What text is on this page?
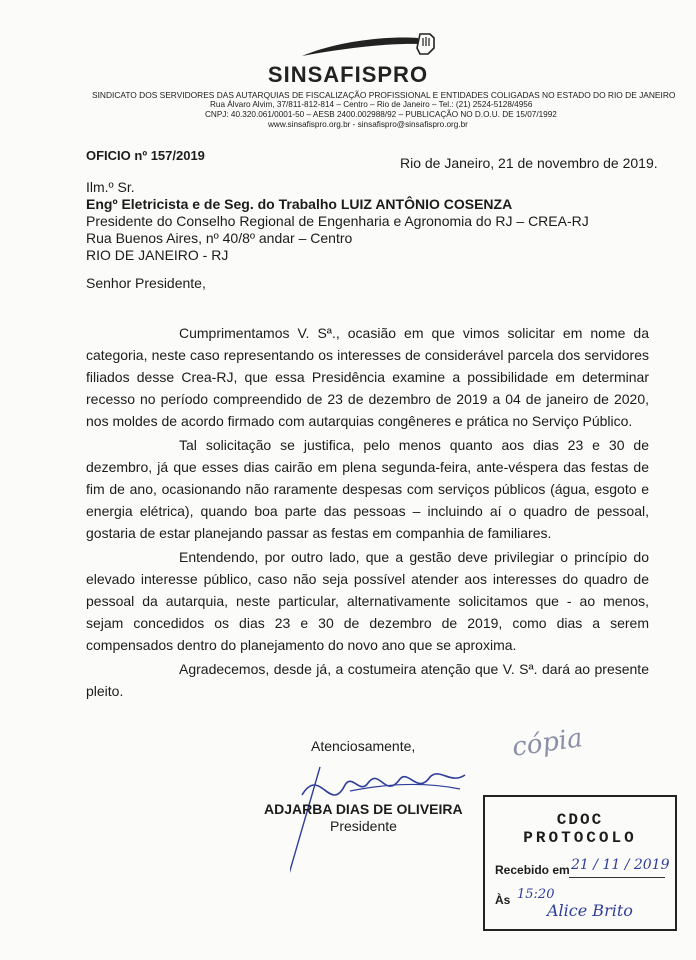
SINSAFISPRO
SINDICATO DOS SERVIDORES DAS AUTARQUIAS DE FISCALIZAÇÃO PROFISSIONAL E ENTIDADES COLIGADAS NO ESTADO DO RIO DE JANEIRO
Rua Álvaro Alvim, 37/811-812-814 – Centro – Rio de Janeiro – Tel.: (21) 2524-5128/4956
CNPJ: 40.320.061/0001-50 – AESB 2400.002988/92 – PUBLICAÇÃO NO D.O.U. DE 15/07/1992
www.sinsafispro.org.br - sinsafispro@sinsafispro.org.br
OFICIO nº 157/2019	Rio de Janeiro, 21 de novembro de 2019.
Ilm.º Sr.
Engº Eletricista e de Seg. do Trabalho LUIZ ANTÔNIO COSENZA
Presidente do Conselho Regional de Engenharia e Agronomia do RJ – CREA-RJ
Rua Buenos Aires, nº 40/8º andar – Centro
RIO DE JANEIRO - RJ
Senhor Presidente,

Cumprimentamos V. Sª., ocasião em que vimos solicitar em nome da categoria, neste caso representando os interesses de considerável parcela dos servidores filiados desse Crea-RJ, que essa Presidência examine a possibilidade em determinar recesso no período compreendido de 23 de dezembro de 2019 a 04 de janeiro de 2020, nos moldes de acordo firmado com autarquias congêneres e prática no Serviço Público.

Tal solicitação se justifica, pelo menos quanto aos dias 23 e 30 de dezembro, já que esses dias cairão em plena segunda-feira, ante-véspera das festas de fim de ano, ocasionando não raramente despesas com serviços públicos (água, esgoto e energia elétrica), quando boa parte das pessoas – incluindo aí o quadro de pessoal, gostaria de estar planejando passar as festas em companhia de familiares.

Entendendo, por outro lado, que a gestão deve privilegiar o princípio do elevado interesse público, caso não seja possível atender aos interesses do quadro de pessoal da autarquia, neste particular, alternativamente solicitamos que - ao menos, sejam concedidos os dias 23 e 30 de dezembro de 2019, como dias a serem compensados dentro do planejamento do novo ano que se aproxima.

Agradecemos, desde já, a costumeira atenção que V. Sª. dará ao presente pleito.

cópia
Atenciosamente,
ADJARBA DIAS DE OLIVEIRA
Presidente	CDOC
PROTOCOLO
Recebido em 21 / 11 / 2019
Às 15:20
Alice Brito
